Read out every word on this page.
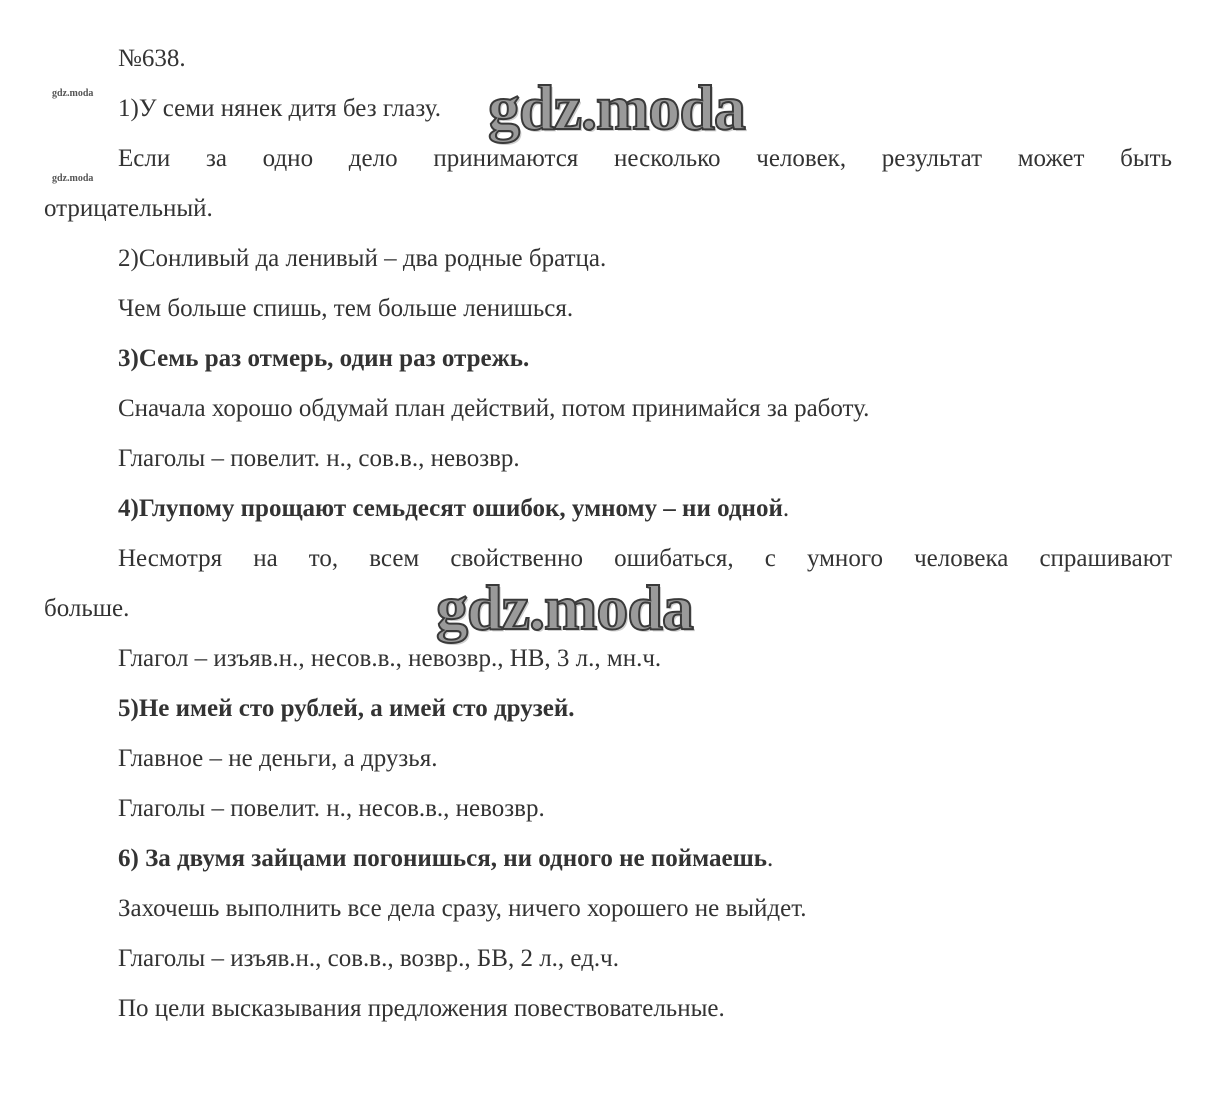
gdz.moda
gdz.moda
№638.
1)У семи нянек дитя без глазу.
Если за одно дело принимаются несколько человек, результат может быть
отрицательный.
2)Сонливый да ленивый – два родные братца.
Чем больше спишь, тем больше ленишься.
3)Семь раз отмерь, один раз отрежь.
Сначала хорошо обдумай план действий, потом принимайся за работу.
Глаголы – повелит. н., сов.в., невозвр.
4)Глупому прощают семьдесят ошибок, умному – ни одной.
Несмотря на то, всем свойственно ошибаться, с умного человека спрашивают
больше.
Глагол – изъяв.н., несов.в., невозвр., НВ, 3 л., мн.ч.
5)Не имей сто рублей, а имей сто друзей.
Главное – не деньги, а друзья.
Глаголы – повелит. н., несов.в., невозвр.
6) За двумя зайцами погонишься, ни одного не поймаешь.
Захочешь выполнить все дела сразу, ничего хорошего не выйдет.
Глаголы – изъяв.н., сов.в., возвр., БВ, 2 л., ед.ч.
По цели высказывания предложения повествовательные.
gdz.moda
gdz.moda
